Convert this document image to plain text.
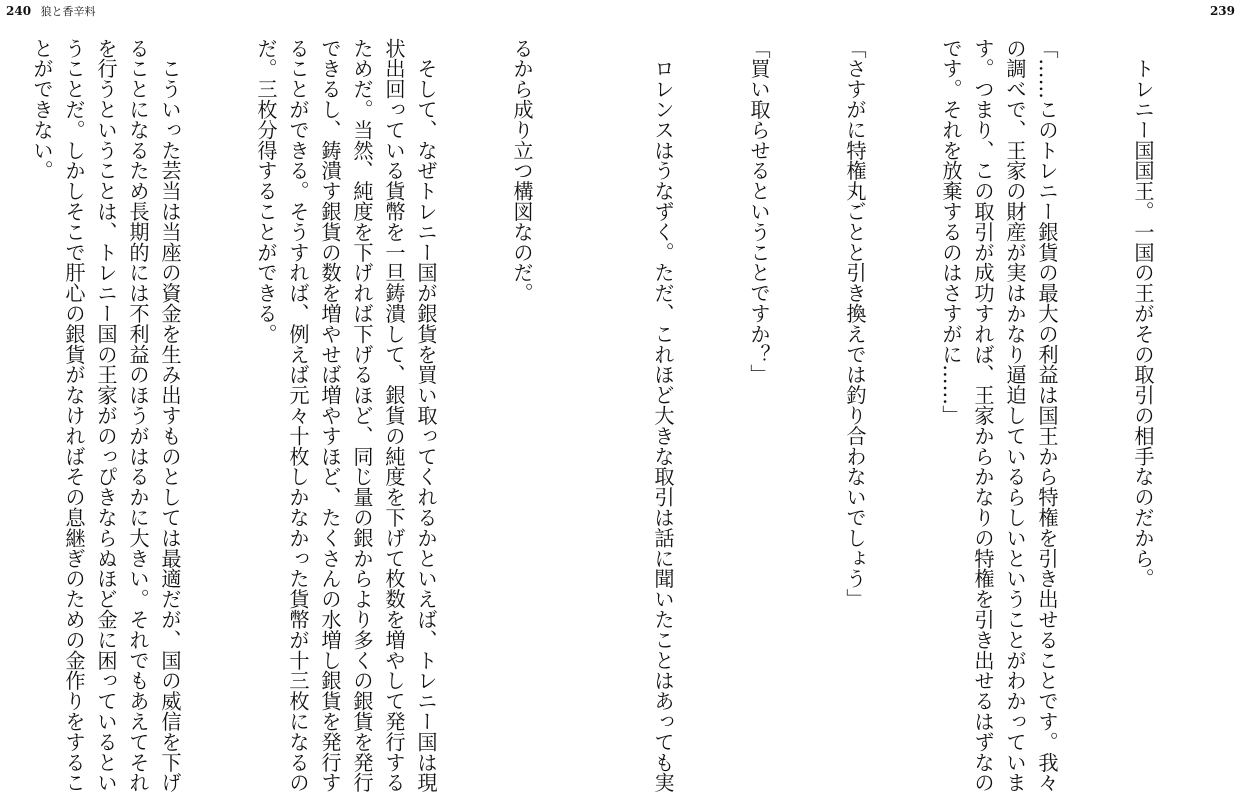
240 狼と香辛料

るから成り立つ構図なのだ。

　そして、なぜトレニー国が銀貨を買い取ってくれるかといえば、トレニー国は現状出回っている貨幣を一旦鋳潰して、銀貨の純度を下げて枚数を増やして発行するためだ。当然、純度を下げれば下げるほど、同じ量の銀からより多くの銀貨を発行できるし、鋳潰す銀貨の数を増やせば増やすほど、たくさんの水増し銀貨を発行することができる。そうすれば、例えば元々十枚しかなかった貨幣が十三枚になるのだ。三枚分得することができる。

　こういった芸当は当座の資金を生み出すものとしては最適だが、国の威信を下げることになるため長期的には不利益のほうがはるかに大きい。それでもあえてそれを行うということは、トレニー国の王家がのっぴきならぬほど金に困っているということだ。しかしそこで肝心の銀貨がなければその息継ぎのための金作りをすることができない。

239

　トレニー国国王。一国の王がその取引の相手なのだから。

「……このトレニー銀貨の最大の利益は国王から特権を引き出せることです。我々の調べで、王家の財産が実はかなり逼迫しているらしいということがわかっています。つまり、この取引が成功すれば、王家からかなりの特権を引き出せるはずなのです。それを放棄するのはさすがに……」

「さすがに特権丸ごとと引き換えでは釣り合わないでしょう」

「買い取らせるということですか？」

　ロレンスはうなずく。ただ、これほど大きな取引は話に聞いたことはあっても実
